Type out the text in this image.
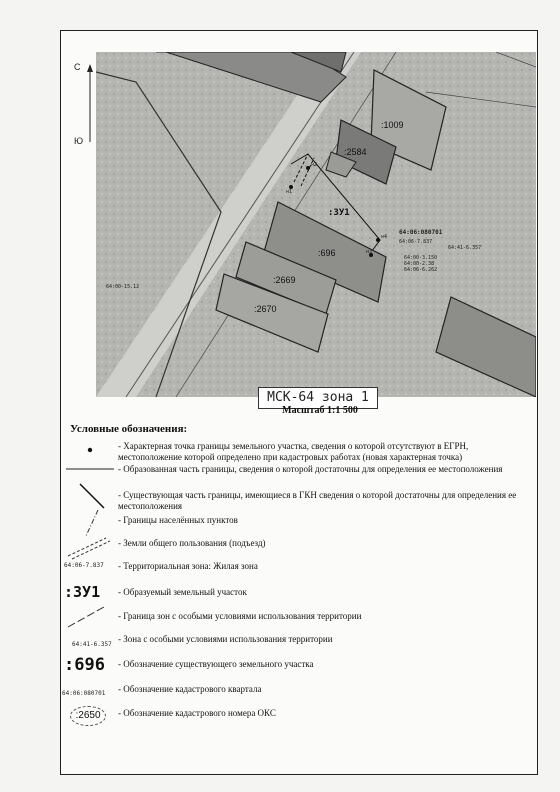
С
Ю
:1009
:2584
:ЗУ1
:696
:2669
:2670
64:06:080701
64:06-7.837
64:41-6.357
64:00-15.12
64:00-3.150
64:00-2.38
64:06-6.262
н1
н2
н3
н4
МСК-64 зона 1
Масштаб 1:1 500
Условные обозначения:
64:06-7.837
:ЗУ1
64:41-6.357
:696
64:06:080701
:2650
- Характерная точка границы земельного участка, сведения о которой отсутствуют в ЕГРН, местоположение которой определено при кадастровых работах (новая характерная точка)
- Образованная часть границы, сведения о которой достаточны для определения ее местоположения
- Существующая часть границы, имеющиеся в ГКН сведения о которой достаточны для определения ее местоположения
- Границы населённых пунктов
- Земли общего пользования (подъезд)
- Территориальная зона: Жилая зона
- Образуемый земельный участок
- Граница зон с особыми условиями использования территории
- Зона с особыми условиями использования территории
- Обозначение существующего земельного участка
- Обозначение кадастрового квартала
- Обозначение кадастрового номера ОКС
